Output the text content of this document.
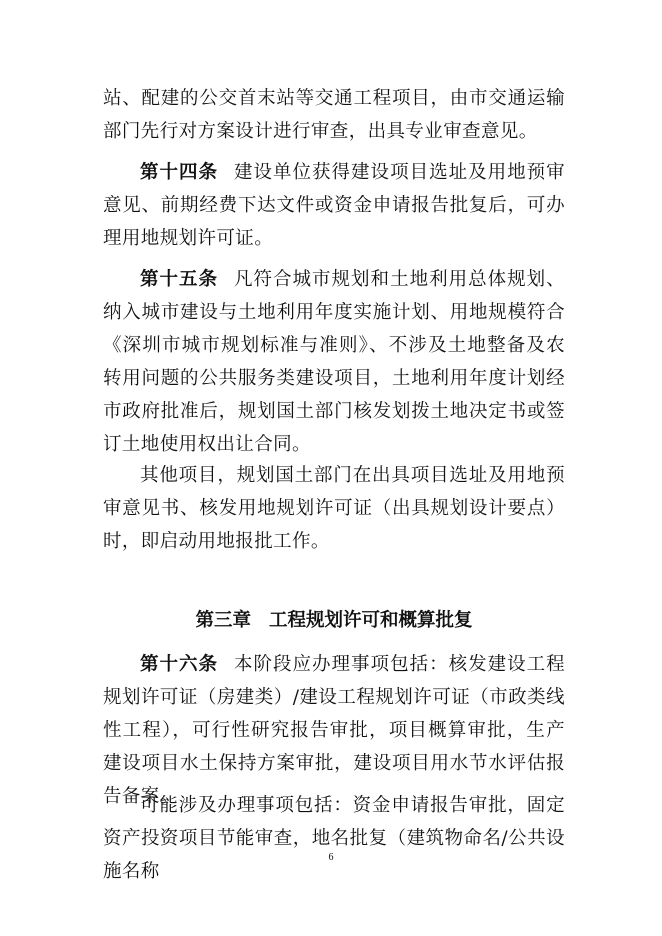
站、配建的公交首末站等交通工程项目，由市交通运输部门先行对方案设计进行审查，出具专业审查意见。

第十四条 建设单位获得建设项目选址及用地预审意见、前期经费下达文件或资金申请报告批复后，可办理用地规划许可证。

第十五条 凡符合城市规划和土地利用总体规划、纳入城市建设与土地利用年度实施计划、用地规模符合《深圳市城市规划标准与准则》、不涉及土地整备及农转用问题的公共服务类建设项目，土地利用年度计划经市政府批准后，规划国土部门核发划拨土地决定书或签订土地使用权出让合同。

其他项目，规划国土部门在出具项目选址及用地预审意见书、核发用地规划许可证（出具规划设计要点）时，即启动用地报批工作。

第三章 工程规划许可和概算批复

第十六条 本阶段应办理事项包括：核发建设工程规划许可证（房建类）/建设工程规划许可证（市政类线性工程），可行性研究报告审批，项目概算审批，生产建设项目水土保持方案审批，建设项目用水节水评估报告备案。

可能涉及办理事项包括：资金申请报告审批，固定资产投资项目节能审查，地名批复（建筑物命名/公共设施名称

6
